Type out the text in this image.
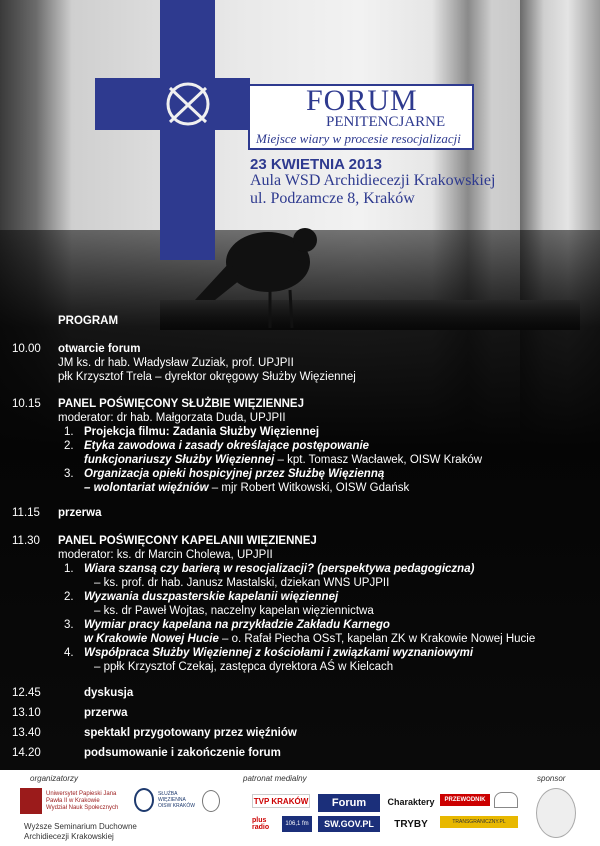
FORUM
PENITENCJARNE
Miejsce wiary w procesie resocjalizacji
23 KWIETNIA 2013
Aula WSD Archidiecezji Krakowskiej
ul. Podzamcze 8, Kraków
PROGRAM
10.00 otwarcie forum
JM ks. dr hab. Władysław Zuziak, prof. UPJPII
płk Krzysztof Trela – dyrektor okręgowy Służby Więziennej
10.15 PANEL POŚWIĘCONY SŁUŻBIE WIĘZIENNEJ
moderator: dr hab. Małgorzata Duda, UPJPII
1. Projekcja filmu: Zadania Służby Więziennej
2. Etyka zawodowa i zasady określające postępowanie
funkcjonariuszy Służby Więziennej – kpt. Tomasz Wacławek, OISW Kraków
3. Organizacja opieki hospicyjnej przez Służbę Więzienną
– wolontariat więźniów – mjr Robert Witkowski, OISW Gdańsk
11.15 przerwa
11.30 PANEL POŚWIĘCONY KAPELANII WIĘZIENNEJ
moderator: ks. dr Marcin Cholewa, UPJPII
1. Wiara szansą czy barierą w resocjalizacji? (perspektywa pedagogiczna)
– ks. prof. dr hab. Janusz Mastalski, dziekan WNS UPJPII
2. Wyzwania duszpasterskie kapelanii więziennej
– ks. dr Paweł Wojtas, naczelny kapelan więziennictwa
3. Wymiar pracy kapelana na przykładzie Zakładu Karnego
w Krakowie Nowej Hucie – o. Rafał Piecha OSsT, kapelan ZK w Krakowie Nowej Hucie
4. Współpraca Służby Więziennej z kościołami i związkami wyznaniowymi
– ppłk Krzysztof Czekaj, zastępca dyrektora AŚ w Kielcach
12.45	dyskusja
13.10	przerwa
13.40	spektakl przygotowany przez więźniów
14.20	podsumowanie i zakończenie forum
organizatorzy	patronat medialny	sponsor
Uniwersytet Papieski Jana Pawła II w Krakowie Wydział Nauk Społecznych
SŁUŻBA WIĘZIENNA OISW KRAKÓW
Wyższe Seminarium Duchowne
Archidiecezji Krakowskiej
TVP KRAKÓW	Forum	Charaktery	PRZEWODNIK
plus radio	106,1 fm	SW.GOV.PL	TRYBY	TRANSGRANICZNY.PL
